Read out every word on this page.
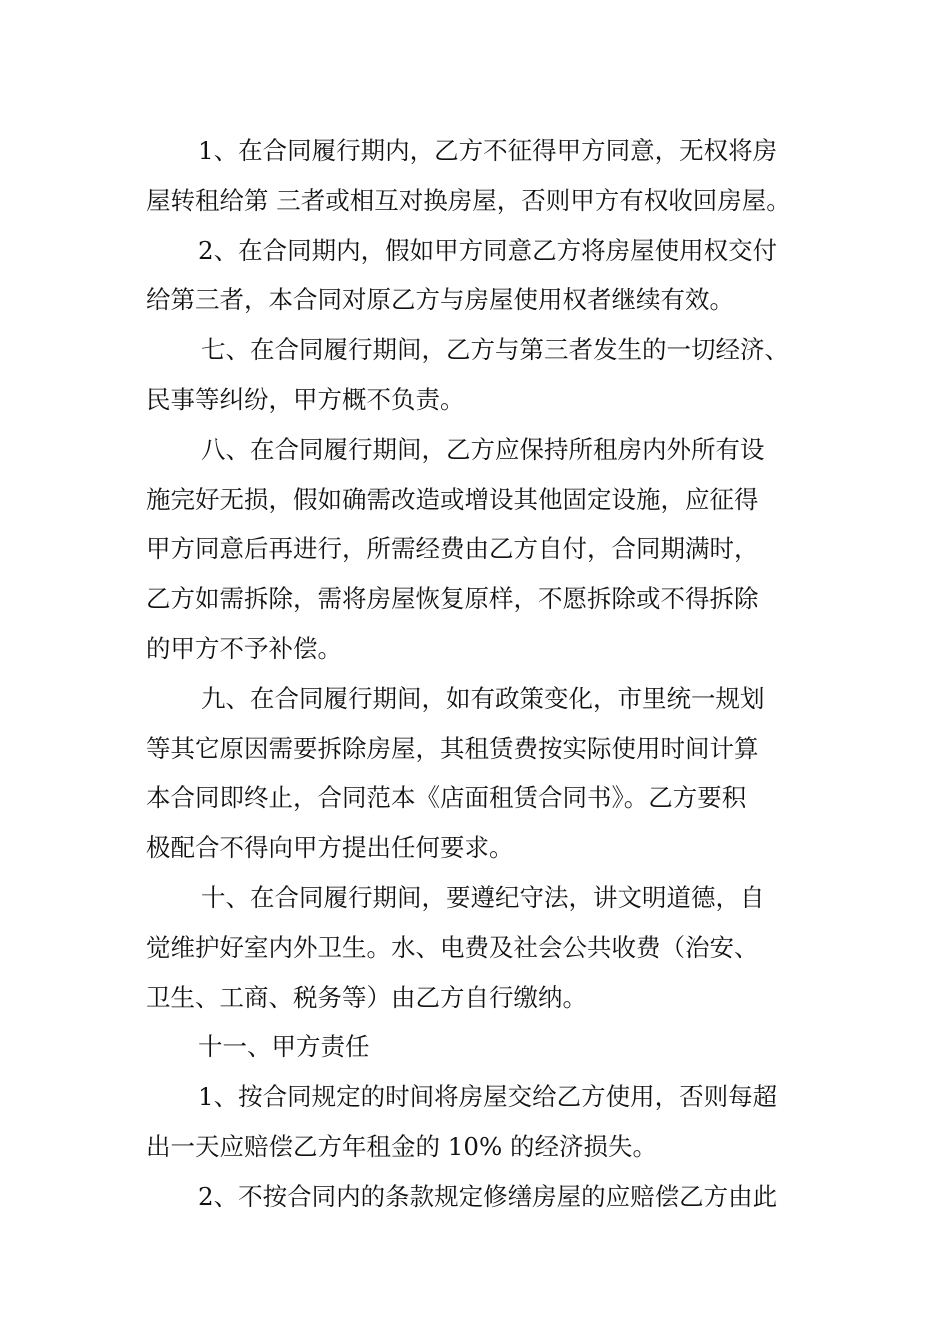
1、在合同履行期内，乙方不征得甲方同意，无权将房
屋转租给第 三者或相互对换房屋，否则甲方有权收回房屋。
2、在合同期内，假如甲方同意乙方将房屋使用权交付
给第三者，本合同对原乙方与房屋使用权者继续有效。
七、在合同履行期间，乙方与第三者发生的一切经济、
民事等纠纷，甲方概不负责。
八、在合同履行期间，乙方应保持所租房内外所有设
施完好无损，假如确需改造或增设其他固定设施，应征得
甲方同意后再进行，所需经费由乙方自付，合同期满时，
乙方如需拆除，需将房屋恢复原样，不愿拆除或不得拆除
的甲方不予补偿。
九、在合同履行期间，如有政策变化，市里统一规划
等其它原因需要拆除房屋，其租赁费按实际使用时间计算
本合同即终止，合同范本《店面租赁合同书》。乙方要积
极配合不得向甲方提出任何要求。
十、在合同履行期间，要遵纪守法，讲文明道德，自
觉维护好室内外卫生。水、电费及社会公共收费（治安、
卫生、工商、税务等）由乙方自行缴纳。
十一、甲方责任
1、按合同规定的时间将房屋交给乙方使用，否则每超
出一天应赔偿乙方年租金的 10% 的经济损失。
2、不按合同内的条款规定修缮房屋的应赔偿乙方由此
